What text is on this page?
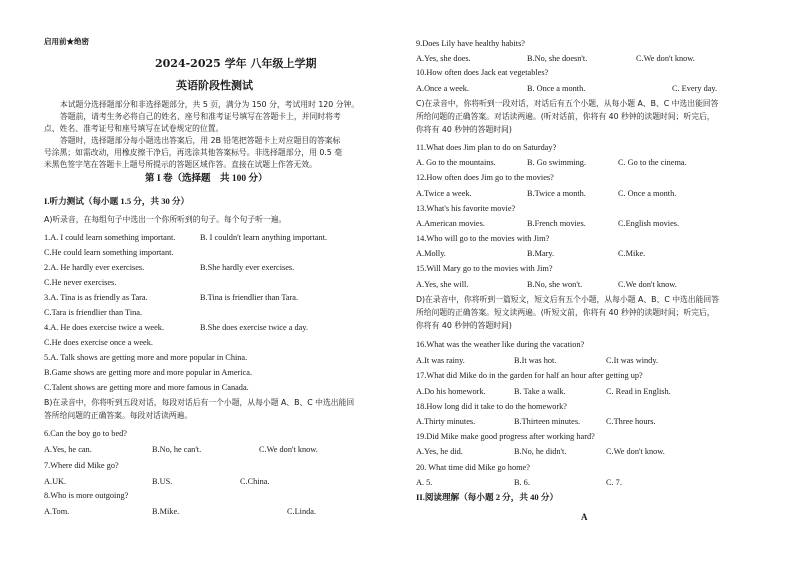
启用前★绝密
2024-2025 学年 八年级上学期
英语阶段性测试
本试题分选择题部分和非选择题部分，共 5 页，满分为 150 分，考试用时 120 分钟。
答题前，请考生务必将自己的姓名、座号和准考证号填写在答题卡上，并同时将考
点、姓名、准考证号和座号填写在试卷规定的位置。
答题时，选择题部分每小题选出答案后，用 2B 铅笔把答题卡上对应题目的答案标
号涂黑；如需改动，用橡皮擦干净后，再选涂其他答案标号。非选择题部分，用 0.5 毫
米黑色签字笔在答题卡上题号所提示的答题区域作答。直接在试题上作答无效。
第 I 卷（选择题　共 100 分）
I.听力测试（每小题 1.5 分，共 30 分）
A)听录音，在每组句子中选出一个你所听到的句子。每个句子听一遍。
1.A. I could learn something important.	B. I couldn't learn anything important.
C.He could learn something important.
2.A. He hardly ever exercises.	B.She hardly ever exercises.
C.He never exercises.
3.A. Tina is as friendly as Tara.	B.Tina is friendlier than Tara.
C.Tara is friendlier than Tina.
4.A. He does exercise twice a week.	B.She does exercise twice a day.
C.He does exercise once a week.
5.A. Talk shows are getting more and more popular in China.
B.Game shows are getting more and more popular in America.
C.Talent shows are getting more and more famous in Canada.
B)在录音中，你将听到五段对话，每段对话后有一个小题，从每小题 A、B、C 中选出能回
答所给问题的正确答案。每段对话读两遍。
6.Can the boy go to bed?
A.Yes, he can.	B.No, he can't.	C.We don't know.
7.Where did Mike go?
A.UK.	B.US.	C.China.
8.Who is more outgoing?
A.Tom.	B.Mike.	C.Linda.
9.Does Lily have healthy habits?
A.Yes, she does.	B.No, she doesn't.	C.We don't know.
10.How often does Jack eat vegetables?
A.Once a week.	B. Once a month.	C. Every day.
C)在录音中，你将听到一段对话，对话后有五个小题，从每小题 A、B、C 中选出能回答
所给问题的正确答案。对话读两遍。(听对话前，你将有 40 秒钟的读题时间；听完后，
你将有 40 秒钟的答题时间)
11.What does Jim plan to do on Saturday?
A. Go to the mountains.	B. Go swimming.	C. Go to the cinema.
12.How often does Jim go to the movies?
A.Twice a week.	B.Twice a month.	C. Once a month.
13.What's his favorite movie?
A.American movies.	B.French movies.	C.English movies.
14.Who will go to the movies with Jim?
A.Molly.	B.Mary.	C.Mike.
15.Will Mary go to the movies with Jim?
A.Yes, she will.	B.No, she won't.	C.We don't know.
D)在录音中，你将听到一篇短文，短文后有五个小题，从每小题 A、B、C 中选出能回答
所给问题的正确答案。短文读两遍。(听短文前，你将有 40 秒钟的读题时间；听完后，
你将有 40 秒钟的答题时间)
16.What was the weather like during the vacation?
A.It was rainy.	B.It was hot.	C.It was windy.
17.What did Mike do in the garden for half an hour after getting up?
A.Do his homework.	B. Take a walk.	C. Read in English.
18.How long did it take to do the homework?
A.Thirty minutes.	B.Thirteen minutes.	C.Three hours.
19.Did Mike make good progress after working hard?
A.Yes, he did.	B.No, he didn't.	C.We don't know.
20. What time did Mike go home?
A. 5.	B. 6.	C. 7.
II.阅读理解（每小题 2 分，共 40 分）
A
